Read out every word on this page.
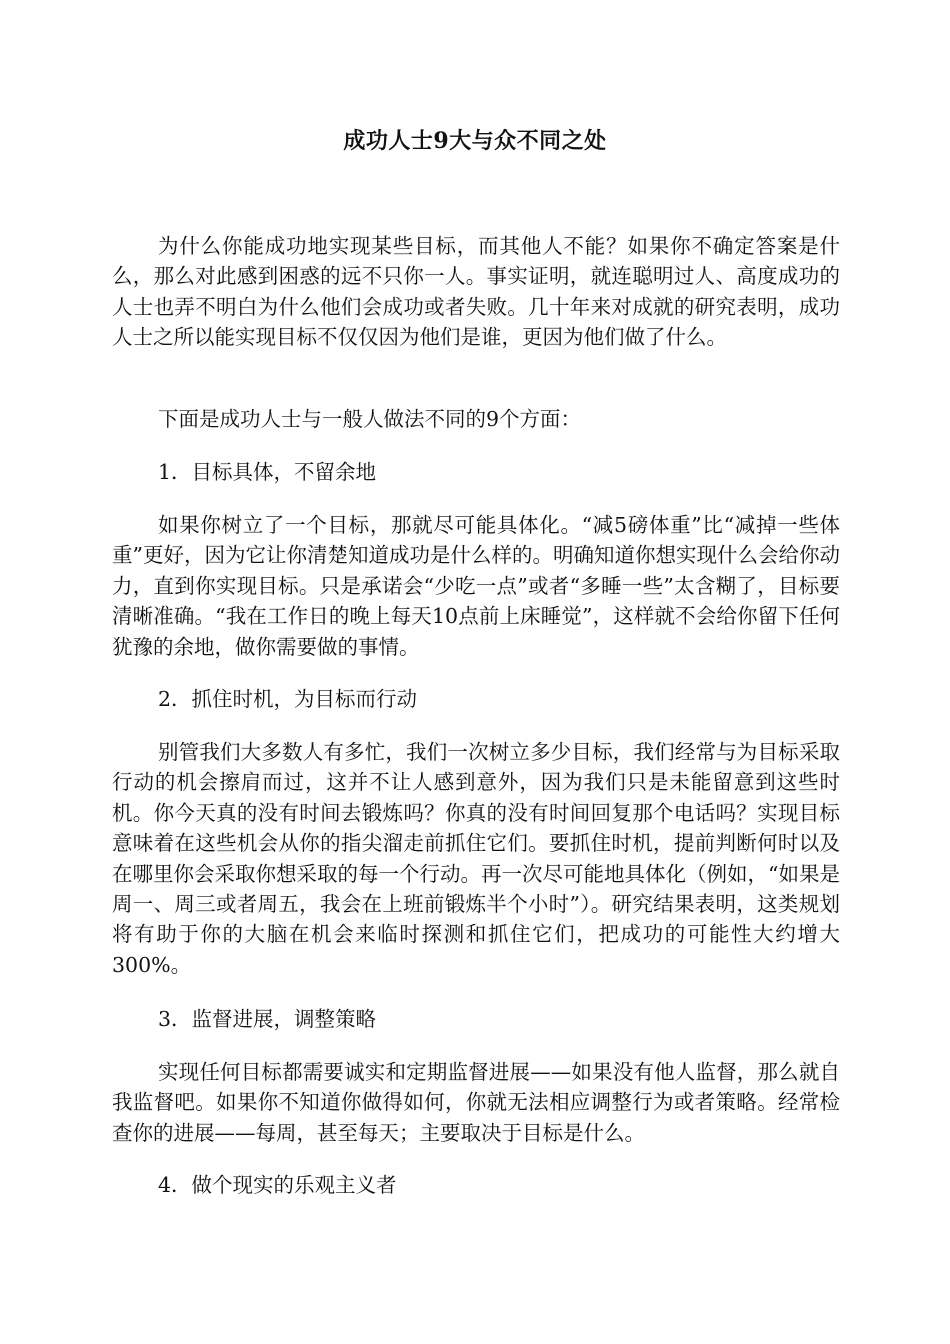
成功人士9大与众不同之处

为什么你能成功地实现某些目标，而其他人不能？如果你不确定答案是什么，那么对此感到困惑的远不只你一人。事实证明，就连聪明过人、高度成功的人士也弄不明白为什么他们会成功或者失败。几十年来对成就的研究表明，成功人士之所以能实现目标不仅仅因为他们是谁，更因为他们做了什么。

下面是成功人士与一般人做法不同的9个方面：

1．目标具体，不留余地

如果你树立了一个目标，那就尽可能具体化。“减5磅体重”比“减掉一些体重”更好，因为它让你清楚知道成功是什么样的。明确知道你想实现什么会给你动力，直到你实现目标。只是承诺会“少吃一点”或者“多睡一些”太含糊了，目标要清晰准确。“我在工作日的晚上每天10点前上床睡觉”，这样就不会给你留下任何犹豫的余地，做你需要做的事情。

2．抓住时机，为目标而行动

别管我们大多数人有多忙，我们一次树立多少目标，我们经常与为目标采取行动的机会擦肩而过，这并不让人感到意外，因为我们只是未能留意到这些时机。你今天真的没有时间去锻炼吗？你真的没有时间回复那个电话吗？实现目标意味着在这些机会从你的指尖溜走前抓住它们。要抓住时机，提前判断何时以及在哪里你会采取你想采取的每一个行动。再一次尽可能地具体化（例如，“如果是周一、周三或者周五，我会在上班前锻炼半个小时”）。研究结果表明，这类规划将有助于你的大脑在机会来临时探测和抓住它们，把成功的可能性大约增大300%。

3．监督进展，调整策略

实现任何目标都需要诚实和定期监督进展——如果没有他人监督，那么就自我监督吧。如果你不知道你做得如何，你就无法相应调整行为或者策略。经常检查你的进展——每周，甚至每天；主要取决于目标是什么。

4．做个现实的乐观主义者
